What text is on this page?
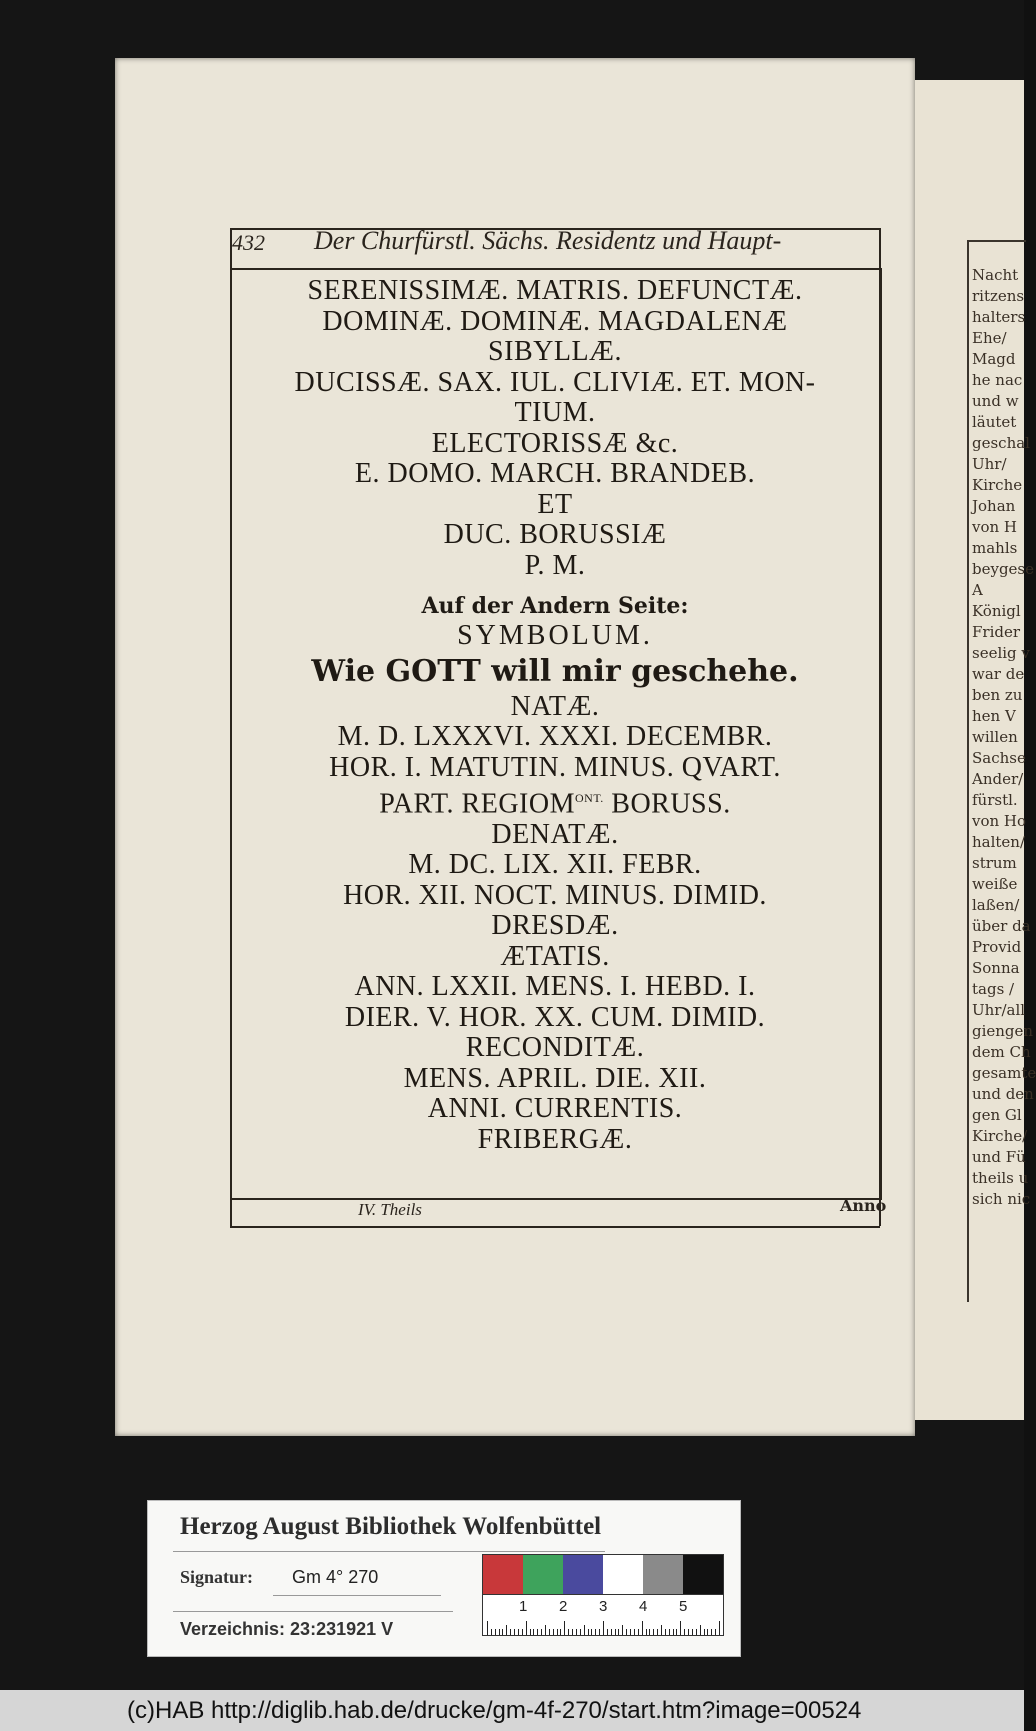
Nacht
ritzens
halters
Ehe/
Magd
he nac
und w
läutet
geschal
Uhr/
Kirche
Johan
von H
mahls
beygese
A
Königl
Frider
seelig v
war de
ben zu
hen V
willen
Sachse
Ander/
fürstl.
von Ho
halten/
strum
weiße
laßen/
über da
Provid
Sonna
tags /
Uhr/all
giengen
dem Ch
gesamte
und den
gen Gl
Kirche/
und Fü
theils u
sich nic
432 Der Churfürstl. Sächs. Residentz und Haupt-
SERENISSIMÆ. MATRIS. DEFUNCTÆ.
DOMINÆ. DOMINÆ. MAGDALENÆ
SIBYLLÆ.
DUCISSÆ. SAX. IUL. CLIVIÆ. ET. MON-
TIUM.
ELECTORISSÆ &c.
E. DOMO. MARCH. BRANDEB.
ET
DUC. BORUSSIÆ
P. M.
Auf der Andern Seite:
SYMBOLUM.
Wie GOTT will mir geschehe.
NATÆ.
M. D. LXXXVI. XXXI. DECEMBR.
HOR. I. MATUTIN. MINUS. QVART.
PART. $REGIOM^{ONT.}$ BORUSS.
DENATÆ.
M. DC. LIX. XII. FEBR.
HOR. XII. NOCT. MINUS. DIMID.
DRESDÆ.
ÆTATIS.
ANN. LXXII. MENS. I. HEBD. I.
DIER. V. HOR. XX. CUM. DIMID.
RECONDITÆ.
MENS. APRIL. DIE. XII.
ANNI. CURRENTIS.
FRIBERGÆ.
IV. Theils	Anno
Herzog August Bibliothek Wolfenbüttel
Signatur: Gm 4° 270
Verzeichnis: 23:231921 V
1 2 3 4 5
(c)HAB http://diglib.hab.de/drucke/gm-4f-270/start.htm?image=00524
